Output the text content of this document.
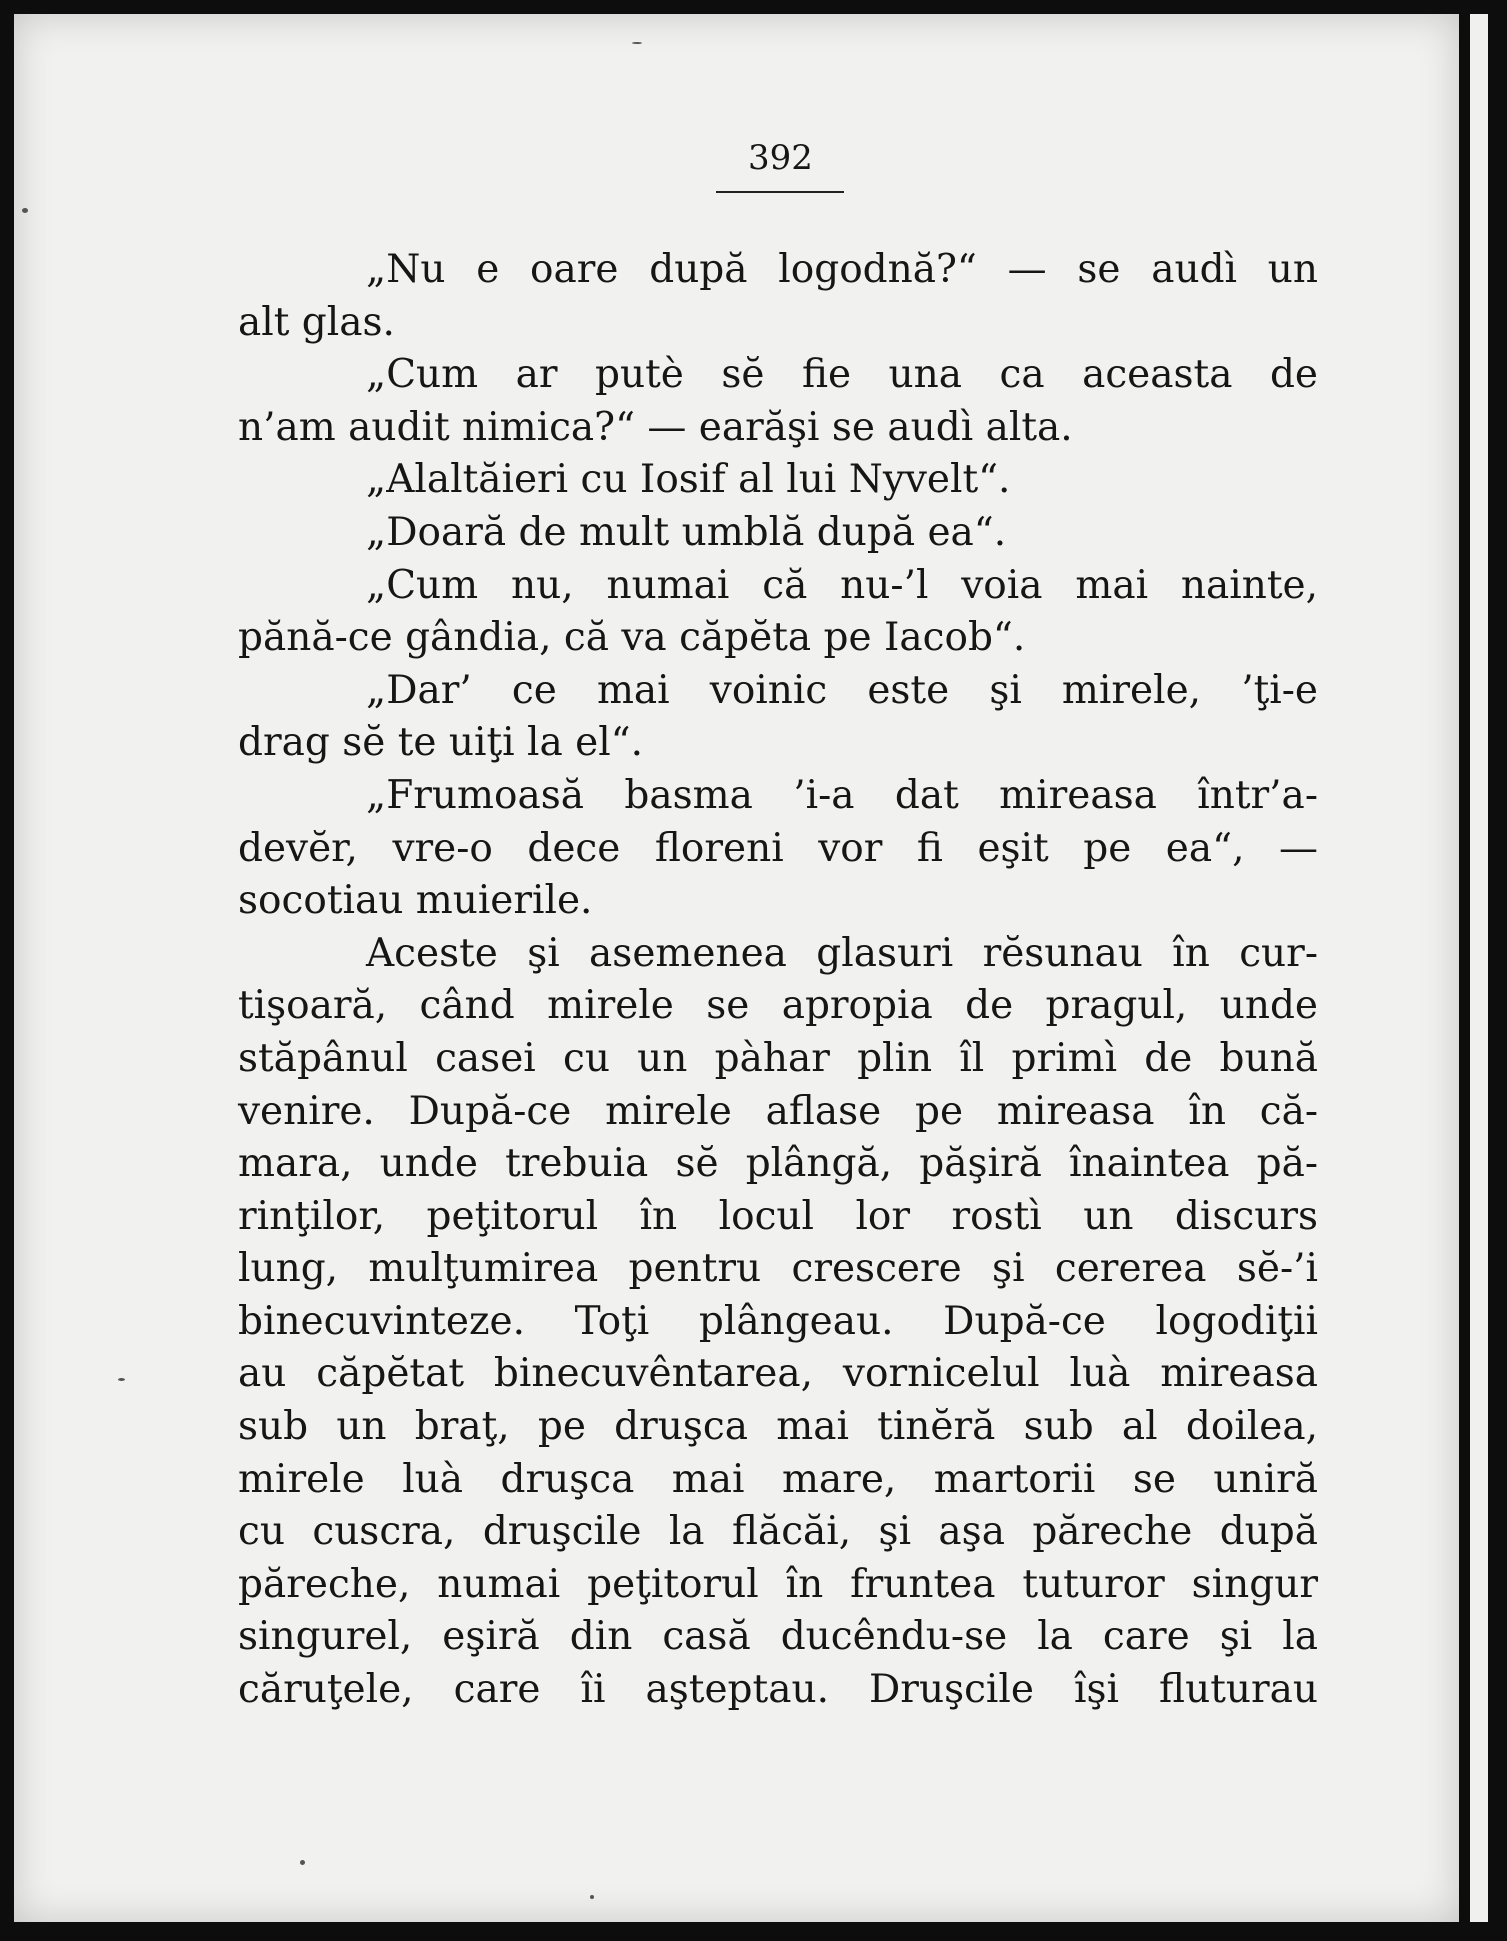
392
„Nu e oare după logodnă?“ — se audì un
alt glas.
„Cum ar putè sĕ fie una ca aceasta de
n’am audit nimica?“ — earăşi se audì alta.
„Alaltăieri cu Iosif al lui Nyvelt“.
„Doară de mult umblă după ea“.
„Cum nu, numai că nu-’l voia mai nainte,
pănă-ce gândia, că va căpĕta pe Iacob“.
„Dar’ ce mai voinic este şi mirele, ’ţi-e
drag sĕ te uiţi la el“.
„Frumoasă basma ’i-a dat mireasa într’a-
devĕr, vre-o dece floreni vor fi eşit pe ea“, —
socotiau muierile.
Aceste şi asemenea glasuri rĕsunau în cur-
tişoară, când mirele se apropia de pragul, unde
stăpânul casei cu un pàhar plin îl primì de bună
venire. După-ce mirele aflase pe mireasa în că-
mara, unde trebuia sĕ plângă, păşiră înaintea pă-
rinţilor, peţitorul în locul lor rostì un discurs
lung, mulţumirea pentru crescere şi cererea sĕ-’i
binecuvinteze. Toţi plângeau. După-ce logodiţii
au căpĕtat binecuvêntarea, vornicelul luà mireasa
sub un braţ, pe druşca mai tinĕră sub al doilea,
mirele luà druşca mai mare, martorii se uniră
cu cuscra, druşcile la flăcăi, şi aşa păreche după
păreche, numai peţitorul în fruntea tuturor singur
singurel, eşiră din casă ducêndu-se la care şi la
căruţele, care îi aşteptau. Druşcile îşi fluturau
